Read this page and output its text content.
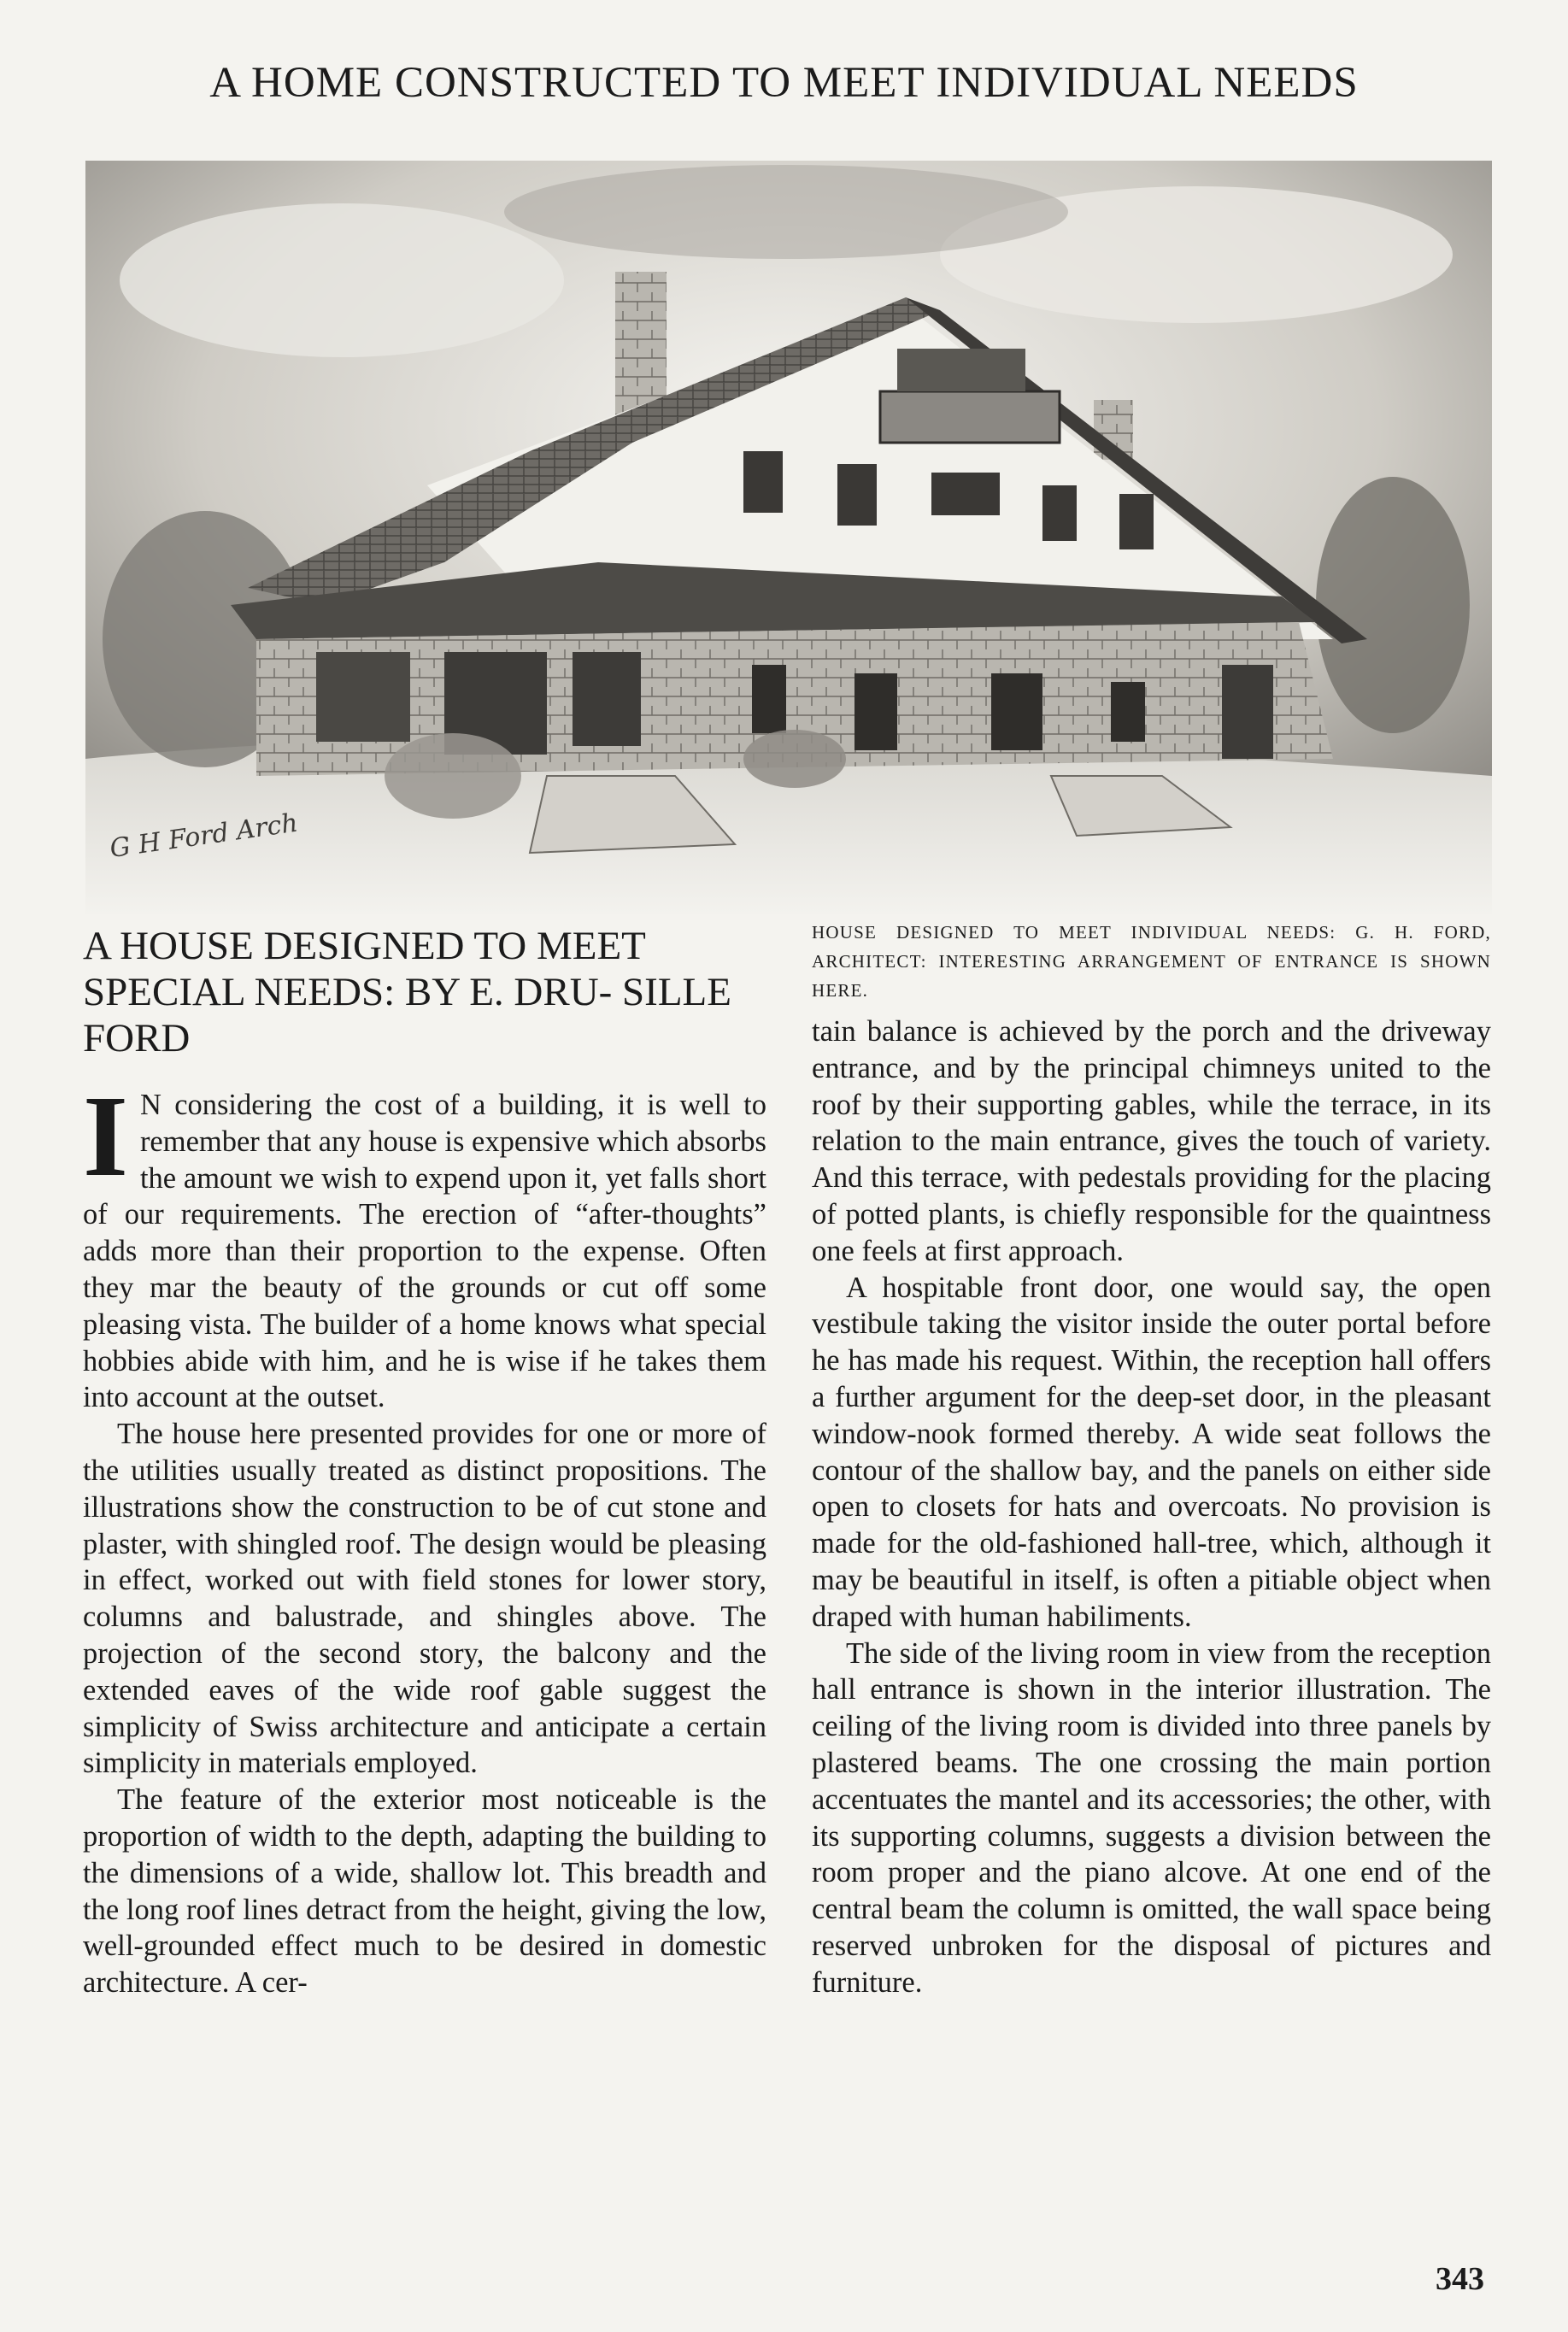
A HOME CONSTRUCTED TO MEET INDIVIDUAL NEEDS
G H Ford Arch
HOUSE DESIGNED TO MEET INDIVIDUAL NEEDS: G. H. FORD, ARCHITECT: INTERESTING ARRANGEMENT OF ENTRANCE IS SHOWN HERE.
A HOUSE DESIGNED TO MEET SPECIAL NEEDS: BY E. DRU- SILLE FORD

I N considering the cost of a building, it is well to remember that any house is expensive which absorbs the amount we wish to expend upon it, yet falls short of our requirements. The erection of “after-thoughts” adds more than their proportion to the expense. Often they mar the beauty of the grounds or cut off some pleasing vista. The builder of a home knows what special hobbies abide with him, and he is wise if he takes them into account at the outset.

The house here presented provides for one or more of the utilities usually treated as distinct propositions. The illustrations show the construction to be of cut stone and plaster, with shingled roof. The design would be pleasing in effect, worked out with field stones for lower story, columns and balustrade, and shingles above. The projection of the second story, the balcony and the extended eaves of the wide roof gable suggest the simplicity of Swiss architecture and anticipate a certain simplicity in materials employed.

The feature of the exterior most noticeable is the proportion of width to the depth, adapting the building to the dimensions of a wide, shallow lot. This breadth and the long roof lines detract from the height, giving the low, well-grounded effect much to be desired in domestic architecture. A cer-

tain balance is achieved by the porch and the driveway entrance, and by the principal chimneys united to the roof by their supporting gables, while the terrace, in its relation to the main entrance, gives the touch of variety. And this terrace, with pedestals providing for the placing of potted plants, is chiefly responsible for the quaintness one feels at first approach.

A hospitable front door, one would say, the open vestibule taking the visitor inside the outer portal before he has made his request. Within, the reception hall offers a further argument for the deep-set door, in the pleasant window-nook formed thereby. A wide seat follows the contour of the shallow bay, and the panels on either side open to closets for hats and overcoats. No provision is made for the old-fashioned hall-tree, which, although it may be beautiful in itself, is often a pitiable object when draped with human habiliments.

The side of the living room in view from the reception hall entrance is shown in the interior illustration. The ceiling of the living room is divided into three panels by plastered beams. The one crossing the main portion accentuates the mantel and its accessories; the other, with its supporting columns, suggests a division between the room proper and the piano alcove. At one end of the central beam the column is omitted, the wall space being reserved unbroken for the disposal of pictures and furniture.

343
